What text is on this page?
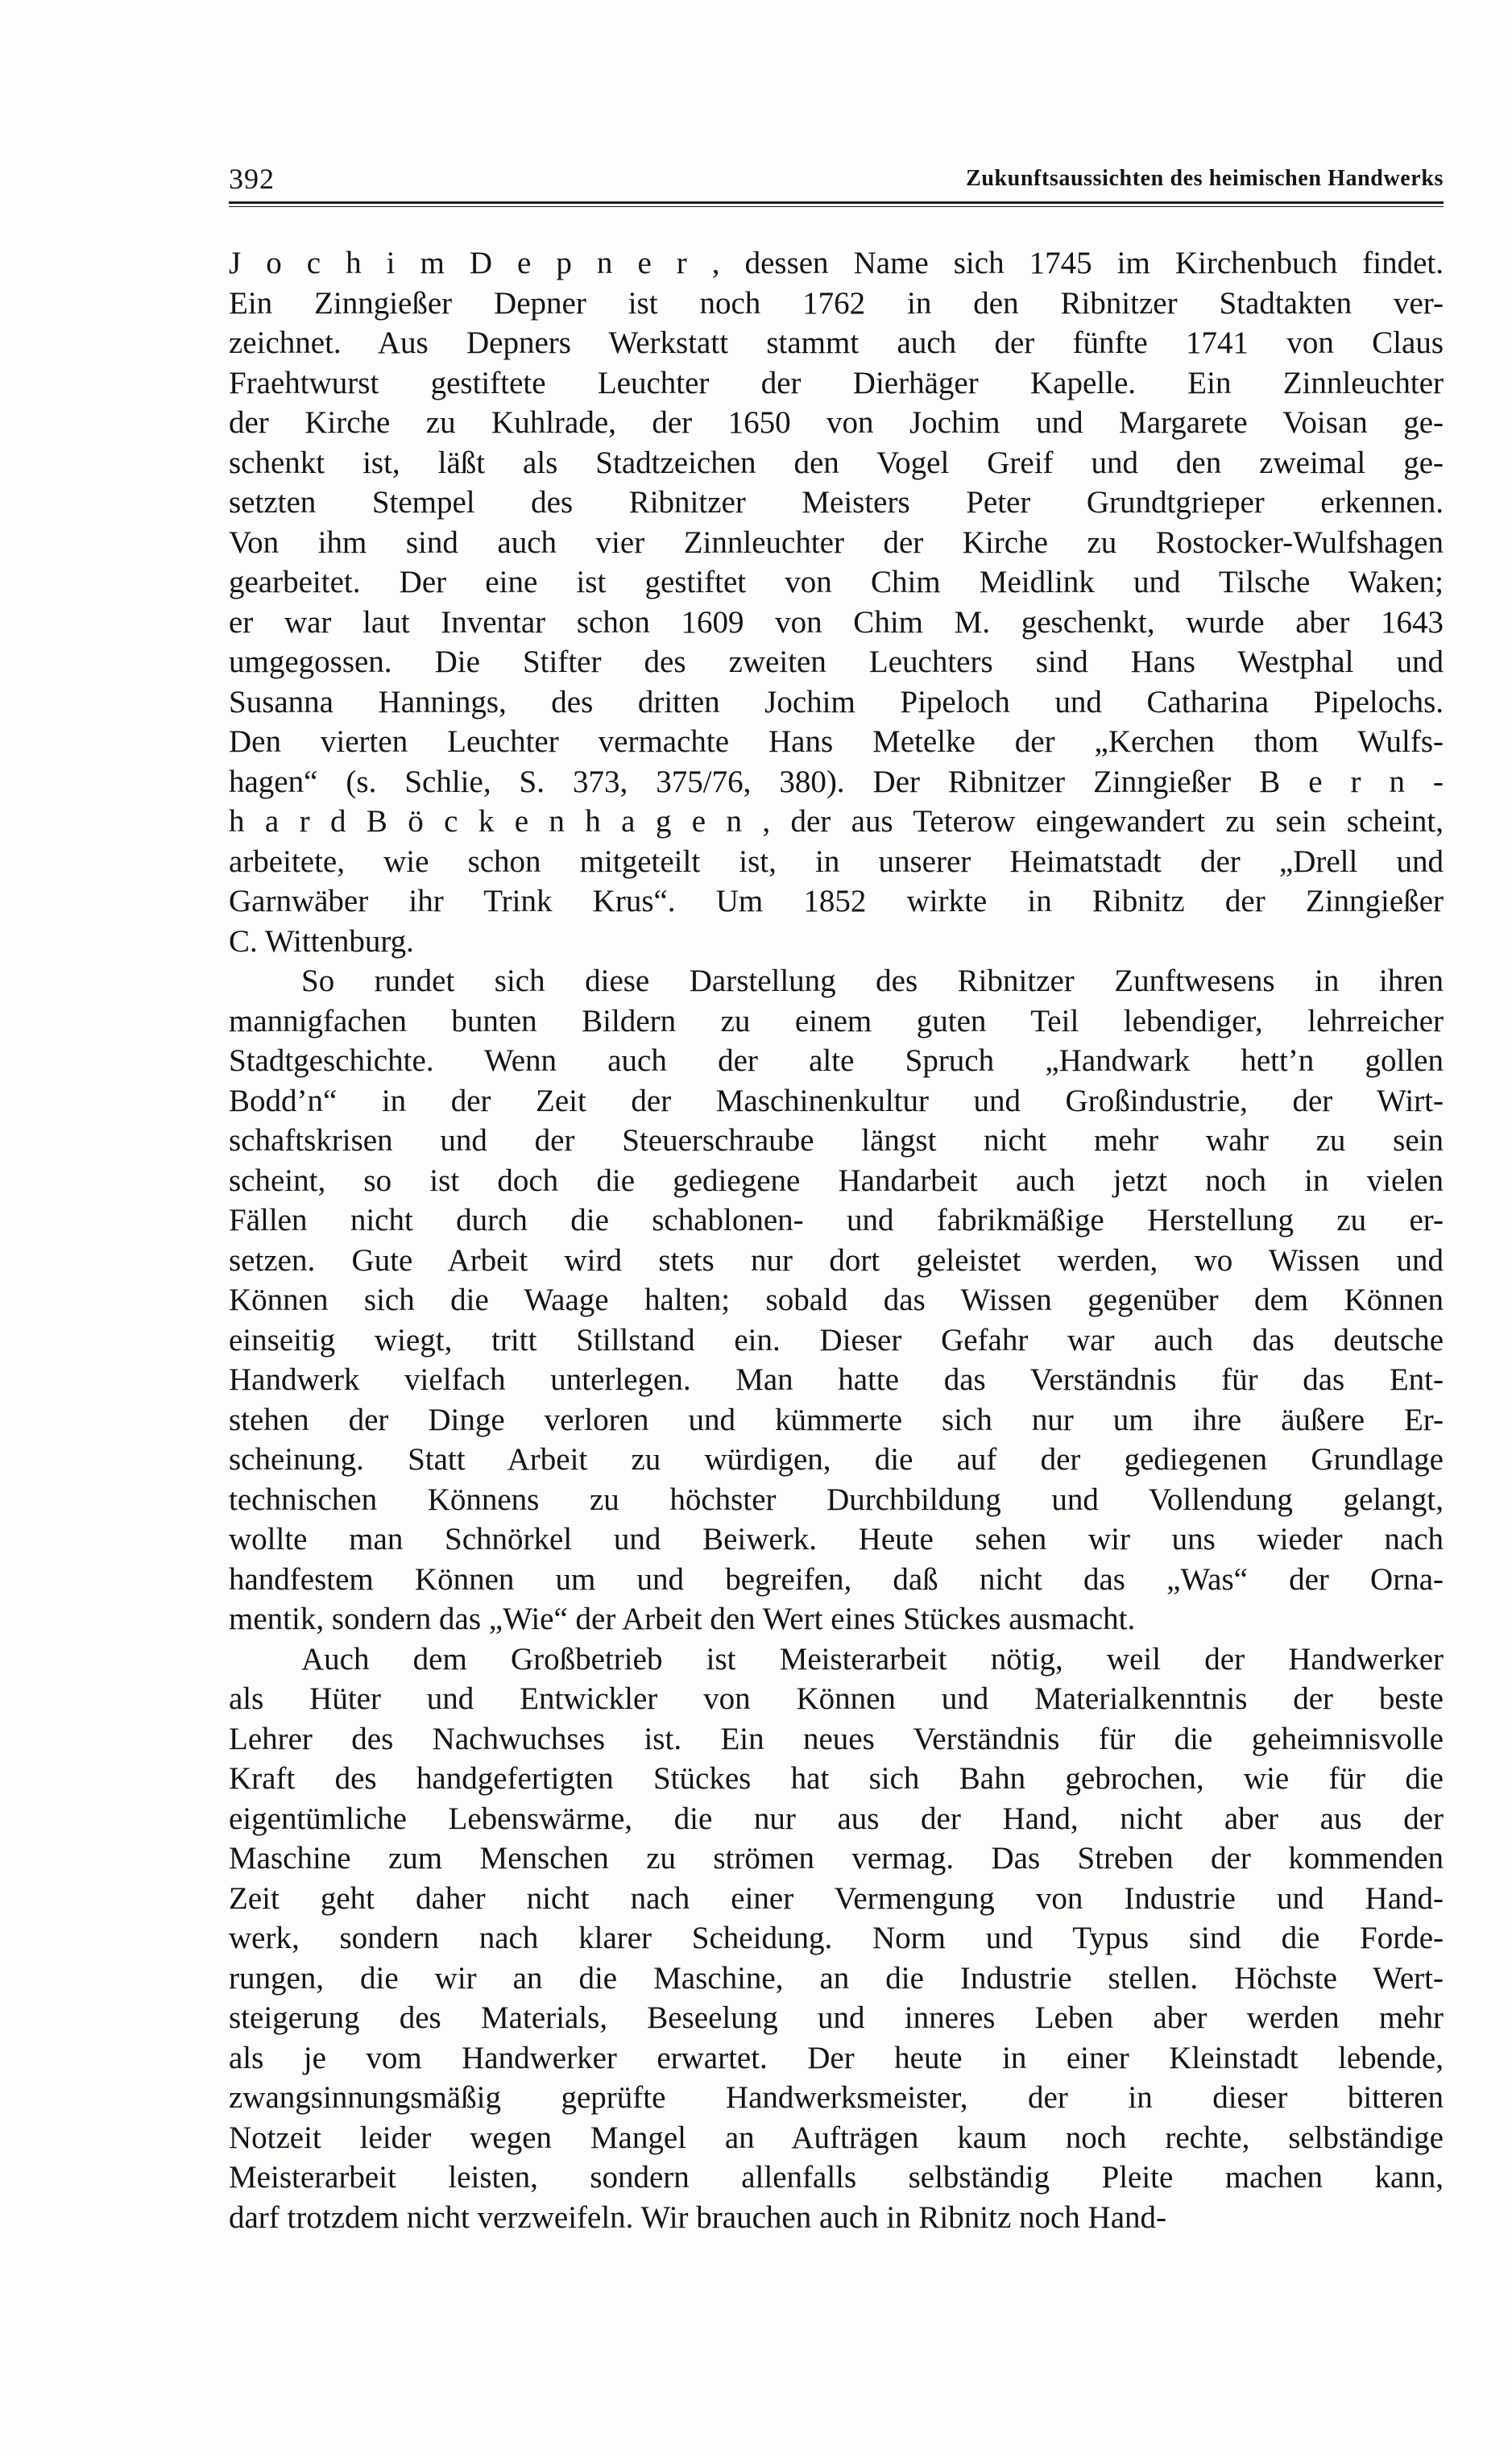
392	Zukunftsaussichten des heimischen Handwerks
J o c h i m D e p n e r , dessen Name sich 1745 im Kirchenbuch findet.
Ein Zinngießer Depner ist noch 1762 in den Ribnitzer Stadtakten ver-
zeichnet. Aus Depners Werkstatt stammt auch der fünfte 1741 von Claus
Fraehtwurst gestiftete Leuchter der Dierhäger Kapelle. Ein Zinnleuchter
der Kirche zu Kuhlrade, der 1650 von Jochim und Margarete Voisan ge-
schenkt ist, läßt als Stadtzeichen den Vogel Greif und den zweimal ge-
setzten Stempel des Ribnitzer Meisters Peter Grundtgrieper erkennen.
Von ihm sind auch vier Zinnleuchter der Kirche zu Rostocker-Wulfshagen
gearbeitet. Der eine ist gestiftet von Chim Meidlink und Tilsche Waken;
er war laut Inventar schon 1609 von Chim M. geschenkt, wurde aber 1643
umgegossen. Die Stifter des zweiten Leuchters sind Hans Westphal und
Susanna Hannings, des dritten Jochim Pipeloch und Catharina Pipelochs.
Den vierten Leuchter vermachte Hans Metelke der „Kerchen thom Wulfs-
hagen“ (s. Schlie, S. 373, 375/76, 380). Der Ribnitzer Zinngießer B e r n -
h a r d B ö c k e n h a g e n , der aus Teterow eingewandert zu sein scheint,
arbeitete, wie schon mitgeteilt ist, in unserer Heimatstadt der „Drell und
Garnwäber ihr Trink Krus“. Um 1852 wirkte in Ribnitz der Zinngießer
C. Wittenburg.
So rundet sich diese Darstellung des Ribnitzer Zunftwesens in ihren
mannigfachen bunten Bildern zu einem guten Teil lebendiger, lehrreicher
Stadtgeschichte. Wenn auch der alte Spruch „Handwark hett’n gollen
Bodd’n“ in der Zeit der Maschinenkultur und Großindustrie, der Wirt-
schaftskrisen und der Steuerschraube längst nicht mehr wahr zu sein
scheint, so ist doch die gediegene Handarbeit auch jetzt noch in vielen
Fällen nicht durch die schablonen- und fabrikmäßige Herstellung zu er-
setzen. Gute Arbeit wird stets nur dort geleistet werden, wo Wissen und
Können sich die Waage halten; sobald das Wissen gegenüber dem Können
einseitig wiegt, tritt Stillstand ein. Dieser Gefahr war auch das deutsche
Handwerk vielfach unterlegen. Man hatte das Verständnis für das Ent-
stehen der Dinge verloren und kümmerte sich nur um ihre äußere Er-
scheinung. Statt Arbeit zu würdigen, die auf der gediegenen Grundlage
technischen Könnens zu höchster Durchbildung und Vollendung gelangt,
wollte man Schnörkel und Beiwerk. Heute sehen wir uns wieder nach
handfestem Können um und begreifen, daß nicht das „Was“ der Orna-
mentik, sondern das „Wie“ der Arbeit den Wert eines Stückes ausmacht.
Auch dem Großbetrieb ist Meisterarbeit nötig, weil der Handwerker
als Hüter und Entwickler von Können und Materialkenntnis der beste
Lehrer des Nachwuchses ist. Ein neues Verständnis für die geheimnisvolle
Kraft des handgefertigten Stückes hat sich Bahn gebrochen, wie für die
eigentümliche Lebenswärme, die nur aus der Hand, nicht aber aus der
Maschine zum Menschen zu strömen vermag. Das Streben der kommenden
Zeit geht daher nicht nach einer Vermengung von Industrie und Hand-
werk, sondern nach klarer Scheidung. Norm und Typus sind die Forde-
rungen, die wir an die Maschine, an die Industrie stellen. Höchste Wert-
steigerung des Materials, Beseelung und inneres Leben aber werden mehr
als je vom Handwerker erwartet. Der heute in einer Kleinstadt lebende,
zwangsinnungsmäßig geprüfte Handwerksmeister, der in dieser bitteren
Notzeit leider wegen Mangel an Aufträgen kaum noch rechte, selbständige
Meisterarbeit leisten, sondern allenfalls selbständig Pleite machen kann,
darf trotzdem nicht verzweifeln. Wir brauchen auch in Ribnitz noch Hand-
